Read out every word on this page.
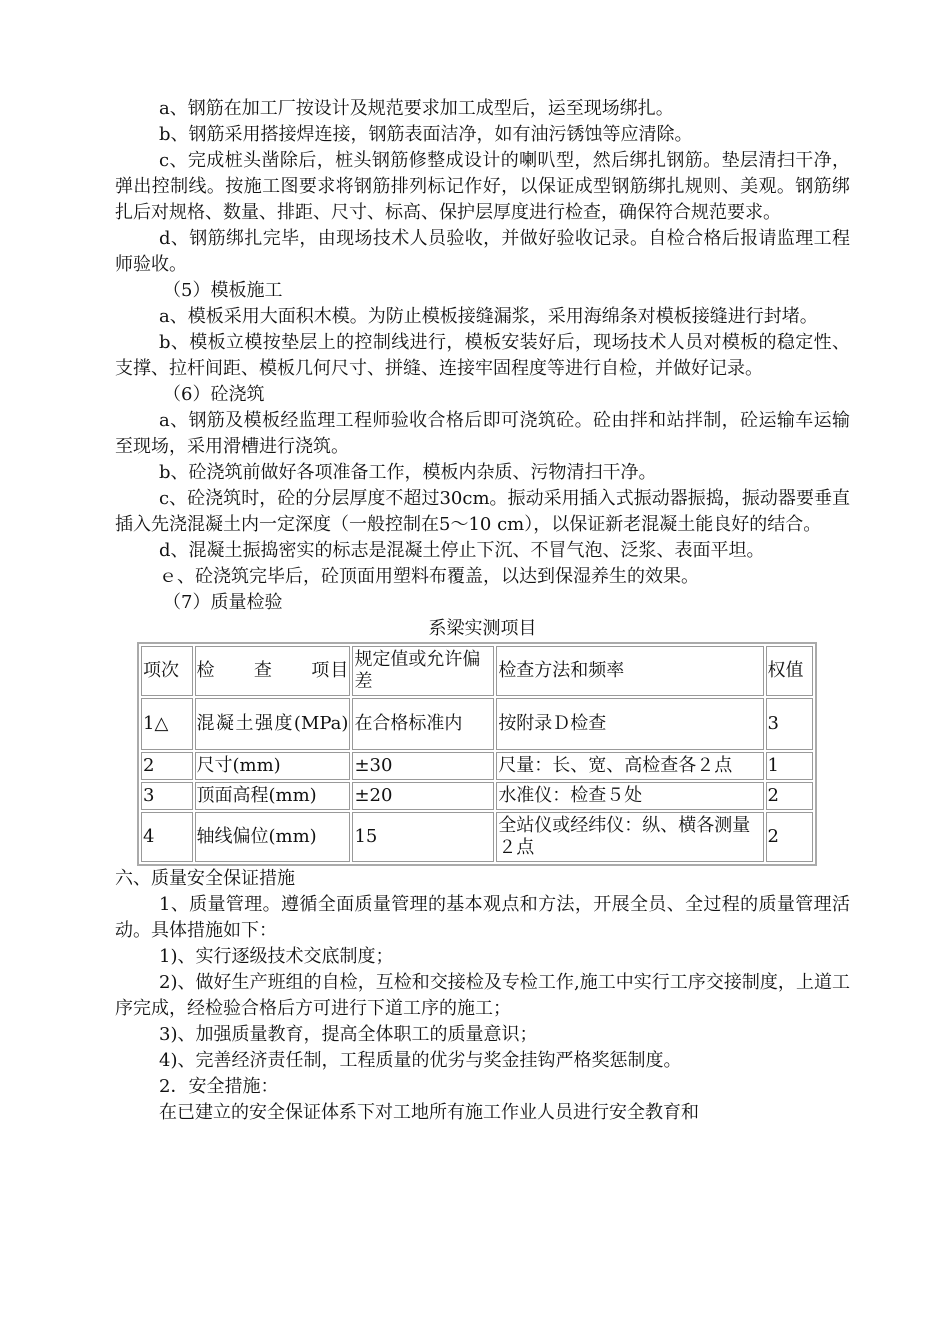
a、钢筋在加工厂按设计及规范要求加工成型后，运至现场绑扎。

b、钢筋采用搭接焊连接，钢筋表面洁净，如有油污锈蚀等应清除。

c、完成桩头凿除后，桩头钢筋修整成设计的喇叭型，然后绑扎钢筋。垫层清扫干净，弹出控制线。按施工图要求将钢筋排列标记作好，以保证成型钢筋绑扎规则、美观。钢筋绑扎后对规格、数量、排距、尺寸、标高、保护层厚度进行检查，确保符合规范要求。

d、钢筋绑扎完毕，由现场技术人员验收，并做好验收记录。自检合格后报请监理工程师验收。

（5）模板施工

a、模板采用大面积木模。为防止模板接缝漏浆，采用海绵条对模板接缝进行封堵。

b、模板立模按垫层上的控制线进行，模板安装好后，现场技术人员对模板的稳定性、支撑、拉杆间距、模板几何尺寸、拼缝、连接牢固程度等进行自检，并做好记录。

（6）砼浇筑

a、钢筋及模板经监理工程师验收合格后即可浇筑砼。砼由拌和站拌制，砼运输车运输至现场，采用滑槽进行浇筑。

b、砼浇筑前做好各项准备工作，模板内杂质、污物清扫干净。

c、砼浇筑时，砼的分层厚度不超过30cm。振动采用插入式振动器振捣，振动器要垂直插入先浇混凝土内一定深度（一般控制在5～10 cm），以保证新老混凝土能良好的结合。

d、混凝土振捣密实的标志是混凝土停止下沉、不冒气泡、泛浆、表面平坦。

ｅ、砼浇筑完毕后，砼顶面用塑料布覆盖，以达到保湿养生的效果。

（7）质量检验

系梁实测项目

项次	检　　查　　项目	规定值或允许偏差	检查方法和频率	权值
1△	混凝土强度(MPa)	在合格标准内	按附录Ｄ检查	3
2	尺寸(mm)	±30	尺量：长、宽、高检查各２点	1
3	顶面高程(mm)	±20	水准仪：检查５处	2
4	轴线偏位(mm)	15	全站仪或经纬仪：纵、横各测量２点	2

六、质量安全保证措施

1、质量管理。遵循全面质量管理的基本观点和方法，开展全员、全过程的质量管理活动。具体措施如下：

1)、实行逐级技术交底制度；

2)、做好生产班组的自检，互检和交接检及专检工作,施工中实行工序交接制度，上道工序完成，经检验合格后方可进行下道工序的施工；

3)、加强质量教育，提高全体职工的质量意识；

4)、完善经济责任制，工程质量的优劣与奖金挂钩严格奖惩制度。

2．安全措施：

在已建立的安全保证体系下对工地所有施工作业人员进行安全教育和
